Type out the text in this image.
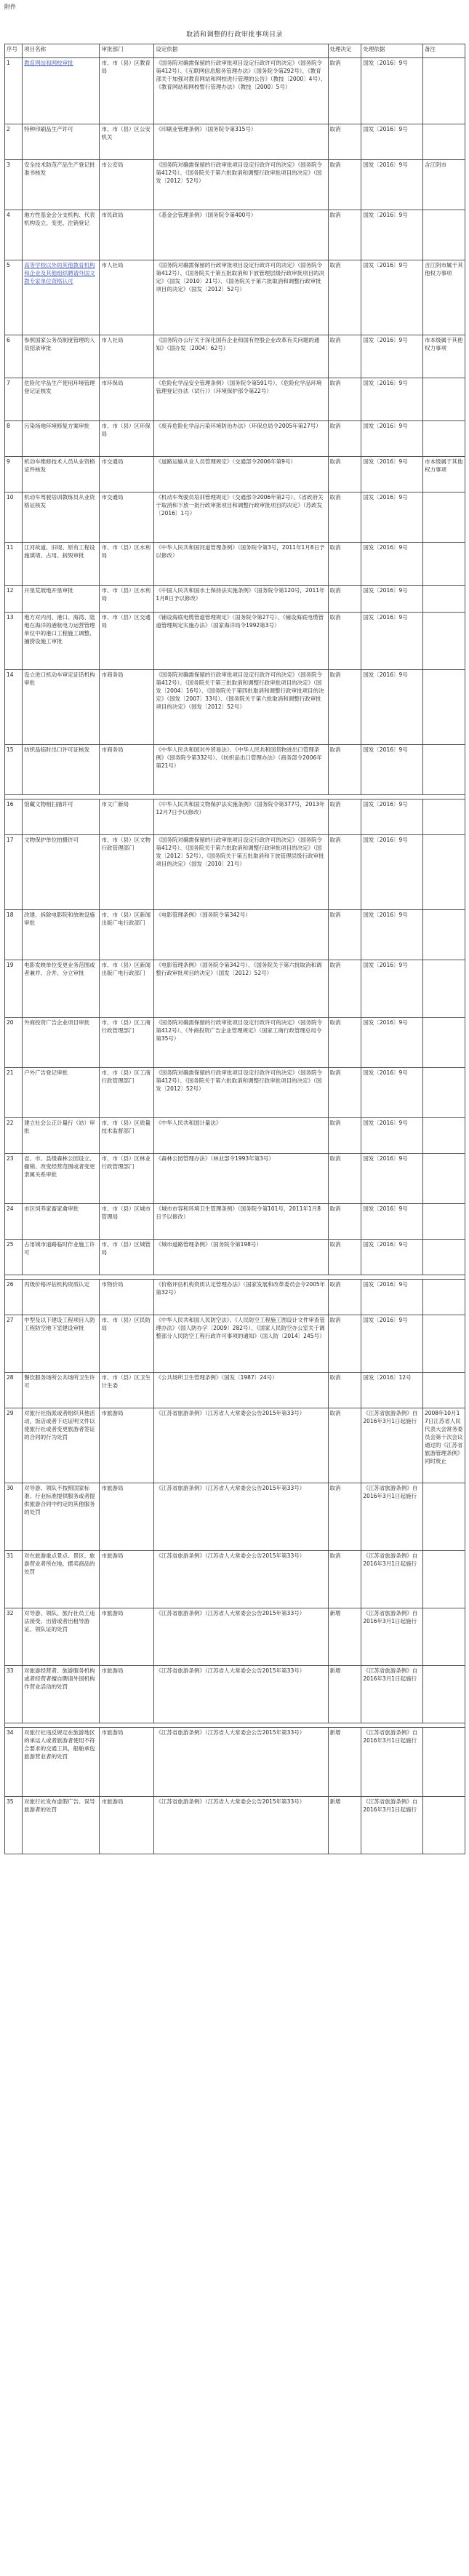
附件
取消和调整的行政审批事项目录
序号	项目名称	审批部门	设定依据	处理决定	处理依据	备注
1	教育网站和网校审批	市、市（县）区教育局	《国务院对确需保留的行政审批项目设定行政许可的决定》（国务院令第412号）、《互联网信息服务管理办法》（国务院令第292号）、《教育部关于加强对教育网站和网校进行管理的公告》（教技〔2000〕4号）、《教育网站和网校暂行管理办法》（教技〔2000〕5号）	取消	国发〔2016〕9号	
2	特种印刷品生产许可	市、市（县）区公安机关	《印刷业管理条例》（国务院令第315号）	取消	国发〔2016〕9号	
3	安全技术防范产品生产登记批准书核发	市公安局	《国务院对确需保留的行政审批项目设定行政许可的决定》（国务院令第412号）、《国务院关于第六批取消和调整行政审批项目的决定》（国发〔2012〕52号）	取消	国发〔2016〕9号	含江阴市
4	地方性基金会分支机构、代表机构设立、变更、注销登记	市民政局	《基金会管理条例》（国务院令第400号）	取消	国发〔2016〕9号	
5	高等学校以外的其他教育机构和企业及其他组织聘请外国文教专家单位资格认可	市人社局	《国务院对确需保留的行政审批项目设定行政许可的决定》（国务院令第412号）、《国务院关于第五批取消和下放管理层级行政审批项目的决定》（国发〔2010〕21号）、《国务院关于第六批取消和调整行政审批项目的决定》（国发〔2012〕52号）	取消	国发〔2016〕9号	含江阴市属于其他权力事项
6	参照国家公务员制度管理的人员招录审批	市人社局	《国务院办公厅关于深化国有企业和国有控股企业改革有关问题的通知》（国办发〔2004〕62号）	取消	国发〔2016〕9号	市本级属于其他权力事项
7	危险化学品生产使用环境管理登记证核发	市环保局	《危险化学品安全管理条例》（国务院令第591号）、《危险化学品环境管理登记办法（试行）》（环境保护部令第22号）	取消	国发〔2016〕9号	
8	污染场地环境修复方案审批	市、市（县）区环保局	《废弃危险化学品污染环境防治办法》（环保总局令2005年第27号）	取消	国发〔2016〕9号	
9	机动车维修技术人员从业资格证件核发	市交通局	《道路运输从业人员管理规定》（交通部令2006年第9号）	取消	国发〔2016〕9号	市本级属于其他权力事项
10	机动车驾驶培训教练员从业资格证核发	市交通局	《机动车驾驶员培训管理规定》（交通部令2006年第2号）、《省政府关于取消和下放一批行政审批项目和调整行政审批项目的决定》（苏政发〔2016〕1号）	取消	国发〔2016〕9号	
11	江河故道、旧堤、原有工程设施填堵、占用、拆毁审批	市、市（县）区水利局	《中华人民共和国河道管理条例》（国务院令第3号，2011年1月8日予以修改）	取消	国发〔2016〕9号	
12	开垦荒坡地开垦审批	市、市（县）区水利局	《中国人民共和国水土保持法实施条例》（国务院令第120号，2011年1月8日予以修改）	取消	国发〔2016〕9号	
13	地方对内河、港口、海湾、陆地在海洋的港航电力运营管理单位中的港口工程施工调整、捕捞设施工审批	市、市（县）区交通局	《铺设海底电缆管道管理规定》（国务院令第27号）、《铺设海底电缆管道管理规定实施办法》（国家海洋局令1992第3号）	取消	国发〔2016〕9号	
14	设立进口机动车审定证话机构审批	市商务局	《国务院对确需保留的行政审批项目设定行政许可的决定》（国务院令第412号）、《国务院关于第三批取消和调整行政审批项目的决定》（国发〔2004〕16号）、《国务院关于第四批取消和调整行政审批项目的决定》（国发〔2007〕33号）、《国务院关于第六批取消和调整行政审批项目的决定》（国发〔2012〕52号）	取消	国发〔2016〕9号	
15	纺织品临时出口许可证核发	市商务局	《中华人民共和国对外贸易法》、《中华人民共和国货物进出口管理条例》（国务院令第332号）、《纺织品出口管理办法》（商务部令2006年第21号）	取消	国发〔2016〕9号	

16	馆藏文物相扫描许可	市文广新局	《中华人民共和国文物保护法实施条例》（国务院令第377号，2013年12月7日予以修改）	取消	国发〔2016〕9号	
17	文物保护单位拍摄许可	市、市（县）区文物行政管理部门	《国务院对确需保留的行政审批项目设定行政许可的决定》（国务院令第412号）、《国务院关于第六批取消和调整行政审批项目的决定》（国发〔2012〕52号）、《国务院关于第五批取消和下放管理层级行政审批项目的决定》（国发〔2010〕21号）	取消	国发〔2016〕9号	
18	改建、拆除电影院和放映设施审批	市、市（县）区新闻出版广电行政部门	《电影管理条例》（国务院令第342号）	取消	国发〔2016〕9号	
19	电影发映单位变更业务范围或者兼并、合并、分立审批	市、市（县）区新闻出版广电行政部门	《电影管理条例》（国务院令第342号）、《国务院关于第六批取消和调整行政审批项目的决定》（国发〔2012〕52号）	取消	国发〔2016〕9号	
20	外商投资广告企业项目审批	市、市（县）区工商行政管理部门	《国务院对确需保留的行政审批项目设定行政许可的决定》（国务院令第412号）、《外商投资广告企业管理规定》（国家工商行政管理总局令第35号）	取消	国发〔2016〕9号	
21	户外广告登记审批	市、市（县）区工商行政管理部门	《国务院对确需保留的行政审批项目设定行政许可的决定》（国务院令第412号）、《国务院关于第六批取消和调整行政审批项目的决定》（国发〔2012〕52号）	取消	国发〔2016〕9号	
22	建立社会公正计量行（站）审批	市、市（县）区质量技术监督部门	《中华人民共和国计量法》	取消	国发〔2016〕9号	
23	省、市、县级森林公园设立、撤销、改变经营范围或者变更隶属关系审批	市、市（县）区林业行政管理部门	《森林公园管理办法》（林业部令1993年第3号）	取消	国发〔2016〕9号	
24	市区饲养家畜家禽审批	市、市（县）区城市管理局	《城市市容和环境卫生管理条例》（国务院令第101号，2011年1月8日予以修改）	取消	国发〔2016〕9号	
25	占用城市道路临时作业施工许可	市、市（县）区城管局	《城市道路管理条例》（国务院令第198号）	取消	国发〔2016〕9号	

26	丙级价格评估机构资质认定	市物价局	《价格评估机构资质认定管理办法》（国家发展和改革委员会令2005年第32号）	取消	国发〔2016〕9号	
27	中型及以下建设工程项目人防工程防空地下室建设审批	市、市（县）区民防局	《中华人民共和国人民防空法》、《人民防空工程施工图设计文件审查管理办法》（国人防办字〔2009〕282号）、《国家人民防空办公室关于调整部分人民防空工程行政许可事项的通知》（国人防〔2014〕245号）	取消	国发〔2016〕9号	
28	餐饮服务场所公共场所卫生许可	市、市（县）区卫生计生委	《公共场所卫生管理条例》（国发〔1987〕24号）	取消	国发〔2016〕12号	
29	对旅行社指派或者组织其他活动，饭店或者下达证明文件以使旅行社或者变更旅游者签证的合同的行为处罚	市旅游局	《江苏省旅游条例》（江苏省人大常委会公告2015年第33号）	取消	《江苏省旅游条例》自2016年3月1日起施行	2008年10月17日江苏省人民代表大会常务委员会第十次会议通过的《江苏省旅游管理条例》同时废止
30	对导游、领队不按照国家标准、行业标准提供服务或者提供旅游合同中约定的其他服务的处罚	市旅游局	《江苏省旅游条例》（江苏省人大常委会公告2015年第33号）	取消	《江苏省旅游条例》自2016年3月1日起施行	
31	对在旅游重点景点、景区、旅游营业者所在地，摆卖商品的处罚	市旅游局	《江苏省旅游条例》（江苏省人大常委会公告2015年第33号）	取消	《江苏省旅游条例》自2016年3月1日起施行	
32	对导游、领队、旅行社员工违法接受、出借或者出租导游证、领队证的处罚	市旅游局	《江苏省旅游条例》（江苏省人大常委会公告2015年第33号）	新增	《江苏省旅游条例》自2016年3月1日起施行	
33	对旅游经营者、旅游服务机构或者经营者擅自聘请外国机构作营业活动的处罚	市旅游局	《江苏省旅游条例》（江苏省人大常委会公告2015年第33号）	新增	《江苏省旅游条例》自2016年3月1日起施行	

34	对旅行社违反规定在旅游地区的承运人或者旅游者使用不符合要求的交通工具，船舶承包旅游营业者的处罚	市旅游局	《江苏省旅游条例》（江苏省人大常委会公告2015年第33号）	新增	《江苏省旅游条例》自2016年3月1日起施行	
35	对旅行社发布虚假广告、误导旅游者的处罚	市旅游局	《江苏省旅游条例》（江苏省人大常委会公告2015年第33号）	新增	《江苏省旅游条例》自2016年3月1日起施行	
